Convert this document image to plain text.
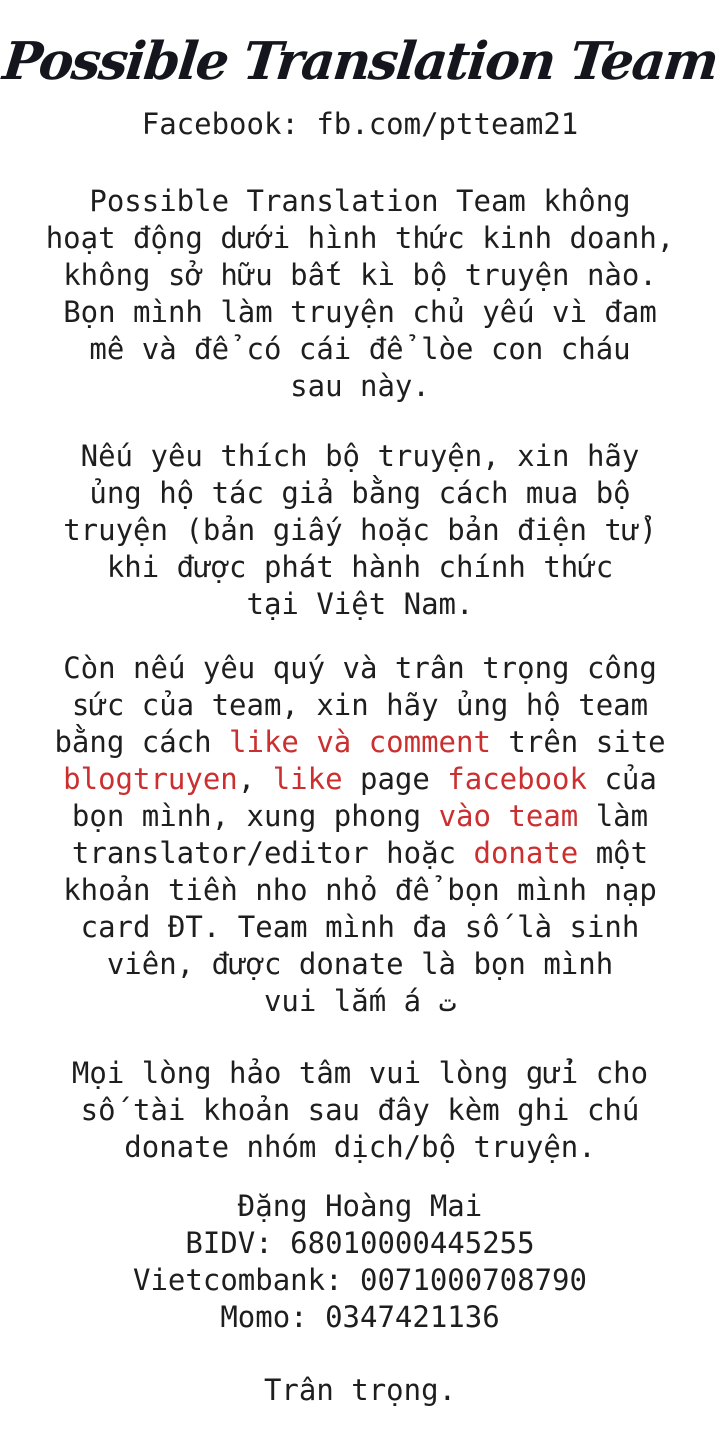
Possible Translation Team
Facebook: fb.com/ptteam21
Possible Translation Team không
hoạt động dưới hình thức kinh doanh,
không sở hữu bất kì bộ truyện nào.
Bọn mình làm truyện chủ yếu vì đam
mê và để có cái để lòe con cháu
sau này.
Nếu yêu thích bộ truyện, xin hãy
ủng hộ tác giả bằng cách mua bộ
truyện (bản giấy hoặc bản điện tử)
khi được phát hành chính thức
tại Việt Nam.
Còn nếu yêu quý và trân trọng công
sức của team, xin hãy ủng hộ team
bằng cách like và comment trên site
blogtruyen, like page facebook của
bọn mình, xung phong vào team làm
translator/editor hoặc donate một
khoản tiền nho nhỏ để bọn mình nạp
card ĐT. Team mình đa số là sinh
viên, được donate là bọn mình
vui lắm á ت
Mọi lòng hảo tâm vui lòng gửi cho
số tài khoản sau đây kèm ghi chú
donate nhóm dịch/bộ truyện.
Đặng Hoàng Mai
BIDV: 68010000445255
Vietcombank: 0071000708790
Momo: 0347421136
Trân trọng.
